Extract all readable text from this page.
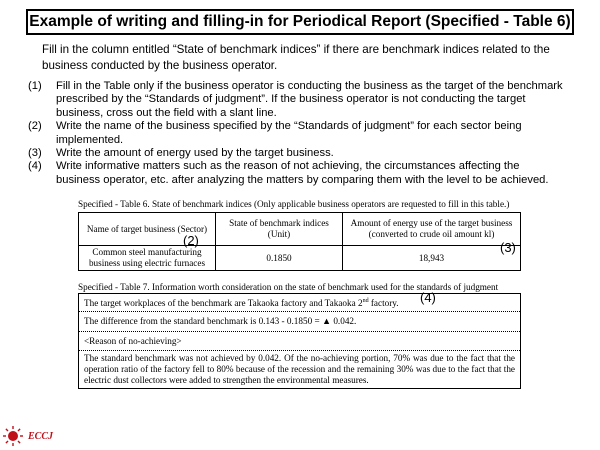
Example of writing and filling-in for Periodical Report (Specified - Table 6)
Fill in the column entitled “State of benchmark indices” if there are benchmark indices related to the business conducted by the business operator.
(1)	Fill in the Table only if the business operator is conducting the business as the target of the benchmark prescribed by the “Standards of judgment”. If the business operator is not conducting the target business, cross out the field with a slant line.
(2)	Write the name of the business specified by the “Standards of judgment” for each sector being implemented.
(3)	Write the amount of energy used by the target business.
(4)	Write informative matters such as the reason of not achieving, the circumstances affecting the business operator, etc. after analyzing the matters by comparing them with the level to be achieved.
Specified - Table 6. State of benchmark indices (Only applicable business operators are requested to fill in this table.)
Name of target business (Sector)	State of benchmark indices (Unit)	Amount of energy use of the target business (converted to crude oil amount kl)
Common steel manufacturing business using electric furnaces	0.1850	18,943
(2)	(3)
Specified - Table 7. Information worth consideration on the state of benchmark used for the standards of judgment
The target workplaces of the benchmark are Takaoka factory and Takaoka 2nd factory.
The difference from the standard benchmark is 0.143 - 0.1850 = ▲ 0.042.
<Reason of no-achieving>
The standard benchmark was not achieved by 0.042. Of the no-achieving portion, 70% was due to the fact that the operation ratio of the factory fell to 80% because of the recession and the remaining 30% was due to the fact that the electric dust collectors were added to strengthen the environmental measures.
(4)
ECCJ
